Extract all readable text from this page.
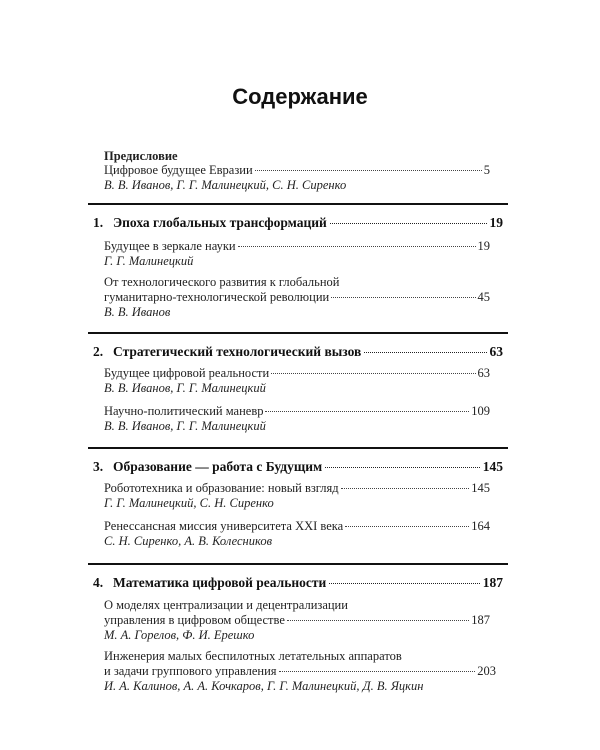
Содержание
Предисловие
Цифровое будущее Евразии	5
В. В. Иванов, Г. Г. Малинецкий, С. Н. Сиренко
1. Эпоха глобальных трансформаций	19
Будущее в зеркале науки	19
Г. Г. Малинецкий
От технологического развития к глобальной
гуманитарно-технологической революции	45
В. В. Иванов
2. Стратегический технологический вызов	63
Будущее цифровой реальности	63
В. В. Иванов, Г. Г. Малинецкий
Научно-политический маневр	109
В. В. Иванов, Г. Г. Малинецкий
3. Образование — работа с Будущим	145
Робототехника и образование: новый взгляд	145
Г. Г. Малинецкий, С. Н. Сиренко
Ренессансная миссия университета XXI века	164
С. Н. Сиренко, А. В. Колесников
4. Математика цифровой реальности	187
О моделях централизации и децентрализации
управления в цифровом обществе	187
М. А. Горелов, Ф. И. Ерешко
Инженерия малых беспилотных летательных аппаратов
и задачи группового управления	203
И. А. Калинов, А. А. Кочкаров, Г. Г. Малинецкий, Д. В. Яцкин
